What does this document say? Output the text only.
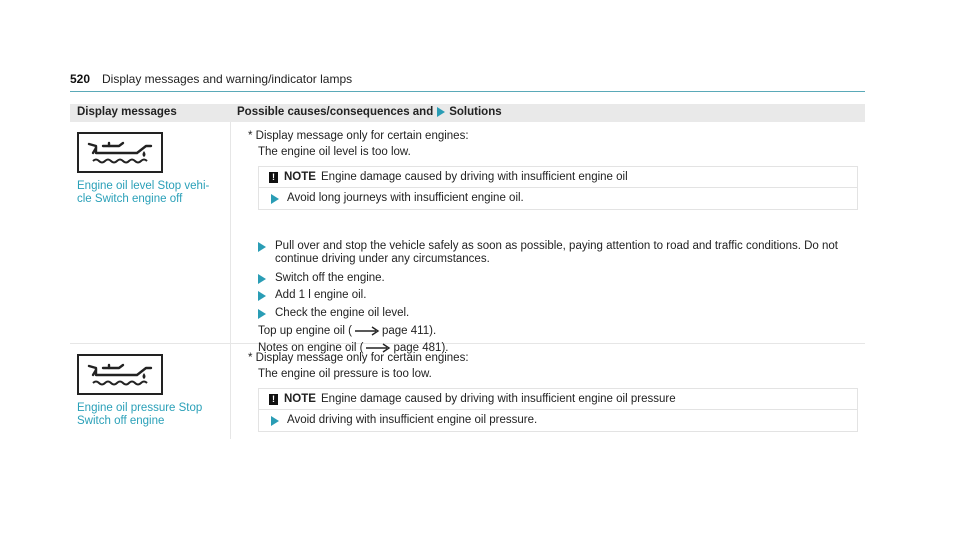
520 Display messages and warning/indicator lamps
Display messages	Possible causes/consequences and Solutions
Engine oil level Stop vehi-
cle Switch engine off
* Display message only for certain engines:
The engine oil level is too low.
! NOTE Engine damage caused by driving with insufficient engine oil
Avoid long journeys with insufficient engine oil.
Pull over and stop the vehicle safely as soon as possible, paying attention to road and traffic conditions. Do not
continue driving under any circumstances.
Switch off the engine.
Add 1 l engine oil.
Check the engine oil level.
Top up engine oil (	page 411 ).
Notes on engine oil (	page 481 ).
Engine oil pressure Stop
Switch off engine
* Display message only for certain engines:
The engine oil pressure is too low.
! NOTE Engine damage caused by driving with insufficient engine oil pressure
Avoid driving with insufficient engine oil pressure.
